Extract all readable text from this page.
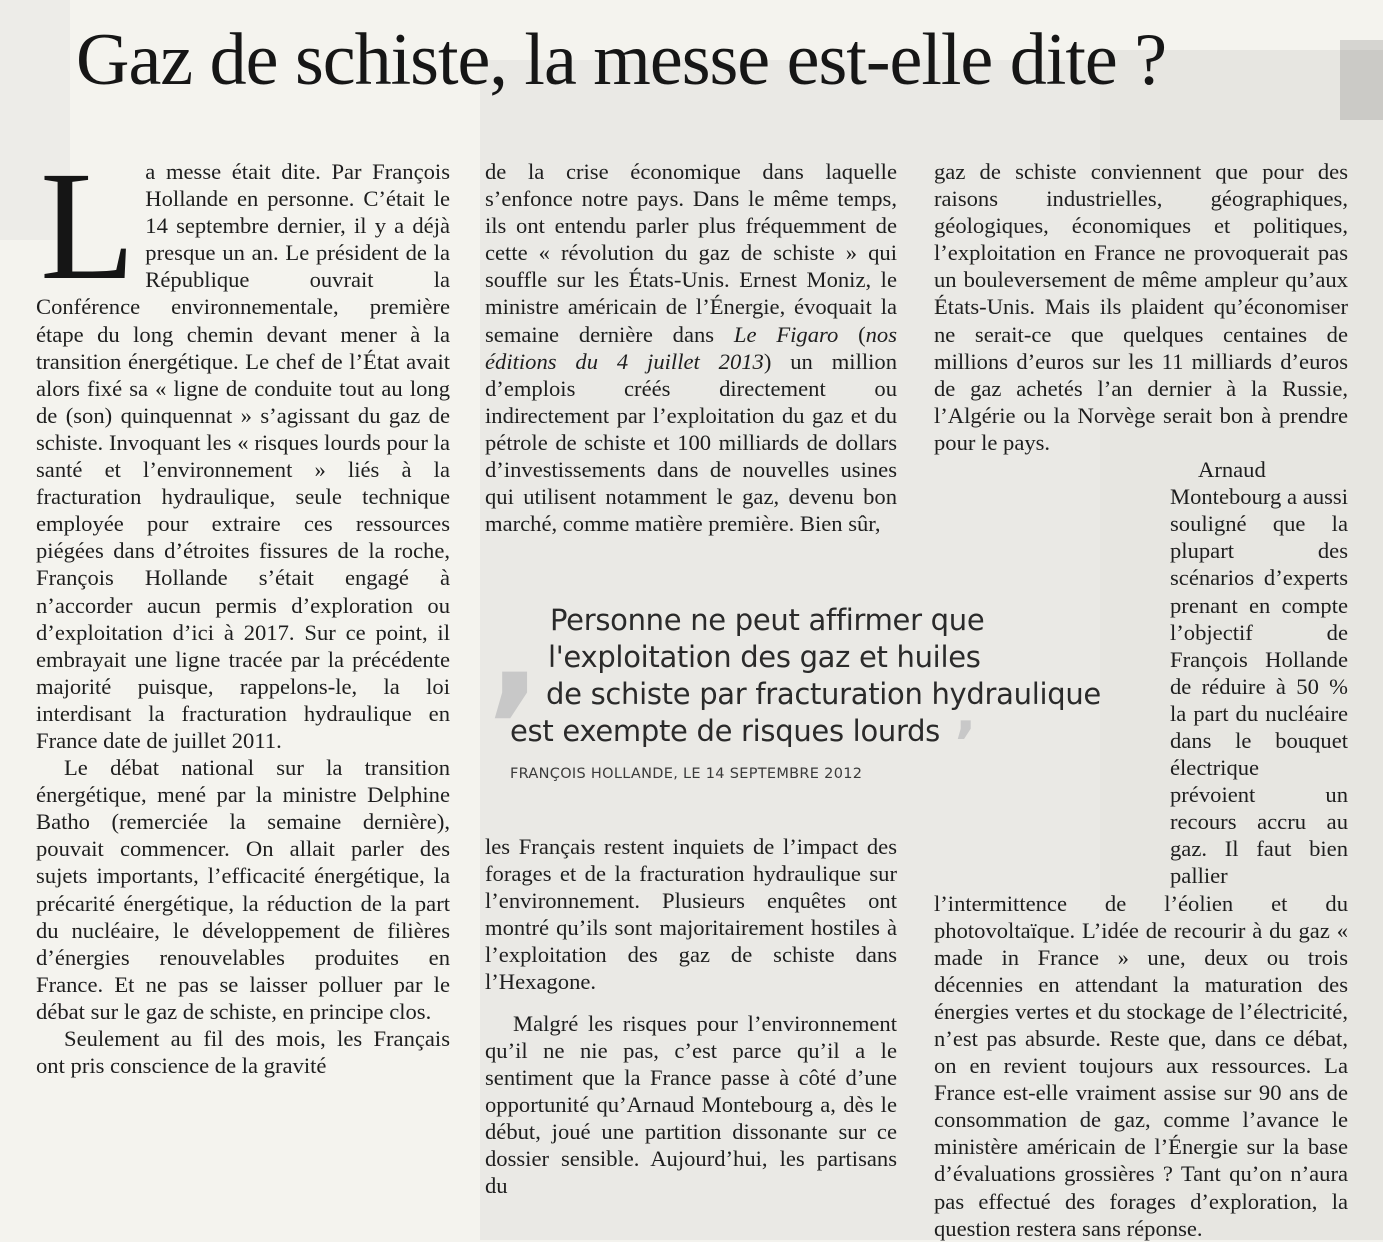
Gaz de schiste, la messe est-elle dite ?

La messe était dite. Par François Hollande en personne. C’était le 14 septembre dernier, il y a déjà presque un an. Le président de la République ouvrait la Conférence environnementale, première étape du long chemin devant mener à la transition énergétique. Le chef de l’État avait alors fixé sa « ligne de conduite tout au long de (son) quinquennat » s’agissant du gaz de schiste. Invoquant les « risques lourds pour la santé et l’environnement » liés à la fracturation hydraulique, seule technique employée pour extraire ces ressources piégées dans d’étroites fissures de la roche, François Hollande s’était engagé à n’accorder aucun permis d’exploration ou d’exploitation d’ici à 2017. Sur ce point, il embrayait une ligne tracée par la précédente majorité puisque, rappelons-le, la loi interdisant la fracturation hydraulique en France date de juillet 2011.

Le débat national sur la transition énergétique, mené par la ministre Delphine Batho (remerciée la semaine dernière), pouvait commencer. On allait parler des sujets importants, l’efficacité énergétique, la précarité énergétique, la réduction de la part du nucléaire, le développement de filières d’énergies renouvelables produites en France. Et ne pas se laisser polluer par le débat sur le gaz de schiste, en principe clos.

Seulement au fil des mois, les Français ont pris conscience de la gravité

de la crise économique dans laquelle s’enfonce notre pays. Dans le même temps, ils ont entendu parler plus fréquemment de cette « révolution du gaz de schiste » qui souffle sur les États-Unis. Ernest Moniz, le ministre américain de l’Énergie, évoquait la semaine dernière dans Le Figaro (nos éditions du 4 juillet 2013) un million d’emplois créés directement ou indirectement par l’exploitation du gaz et du pétrole de schiste et 100 milliards de dollars d’investissements dans de nouvelles usines qui utilisent notamment le gaz, devenu bon marché, comme matière première. Bien sûr,

les Français restent inquiets de l’impact des forages et de la fracturation hydraulique sur l’environnement. Plusieurs enquêtes ont montré qu’ils sont majoritairement hostiles à l’exploitation des gaz de schiste dans l’Hexagone.

Malgré les risques pour l’environnement qu’il ne nie pas, c’est parce qu’il a le sentiment que la France passe à côté d’une opportunité qu’Arnaud Montebourg a, dès le début, joué une partition dissonante sur ce dossier sensible. Aujourd’hui, les partisans du

gaz de schiste conviennent que pour des raisons industrielles, géographiques, géologiques, économiques et politiques, l’exploitation en France ne provoquerait pas un bouleversement de même ampleur qu’aux États-Unis. Mais ils plaident qu’économiser ne serait-ce que quelques centaines de millions d’euros sur les 11 milliards d’euros de gaz achetés l’an dernier à la Russie, l’Algérie ou la Norvège serait bon à prendre pour le pays.

Arnaud Montebourg a aussi souligné que la plupart des scénarios d’experts prenant en compte l’objectif de François Hollande de réduire à 50 % la part du nucléaire dans le bouquet électrique prévoient un recours accru au gaz. Il faut bien pallier l’intermittence de l’éolien et du photovoltaïque. L’idée de recourir à du gaz « made in France » une, deux ou trois décennies en attendant la maturation des énergies vertes et du stockage de l’électricité, n’est pas absurde. Reste que, dans ce débat, on en revient toujours aux ressources. La France est-elle vraiment assise sur 90 ans de consommation de gaz, comme l’avance le ministère américain de l’Énergie sur la base d’évaluations grossières ? Tant qu’on n’aura pas effectué des forages d’exploration, la question restera sans réponse.

‚
’
Personne ne peut affirmer que
l'exploitation des gaz et huiles
de schiste par fracturation hydraulique
est exempte de risques lourds
FRANÇOIS HOLLANDE, LE 14 SEPTEMBRE 2012
